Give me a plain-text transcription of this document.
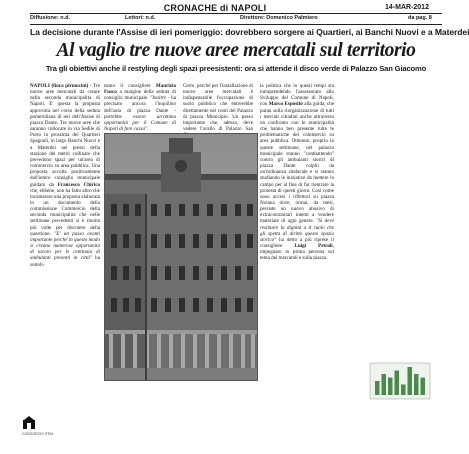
CRONACHE di NAPOLI	14-MAR-2012
Diffusione: n.d.	Lettori: n.d.	Direttore: Domenico Palmiero	da pag. 8
La decisione durante l'Assise di ieri pomeriggio: dovrebbero sorgere ai Quartieri, ai Banchi Nuovi e a Materdei
Al vaglio tre nuove aree mercatali sul territorio
Tra gli obiettivi anche il restyling degli spazi preesistenti: ora si attende il disco verde di Palazzo San Giacomo

NAPOLI (fiora pirmocini) - Tre nuove aree mercatali da creare nella seconda municipalità di Napoli. E' questa la proposta approvata nel corso della seduta pomeridiana di ieri dell'Assise di piazza Dante. Tre nuove aree che saranno collocate in via Sedile di Porto in prossima dei Quartieri Spagnoli, in largo Banchi Nuovi e a Materdei nei pressi della stazione del metrò collinare che prevedono spazi per un'area di commercio su area pubblica. Una proposta accolta positivamente dall'intero consiglio municipale guidato da Francesco Chirico che, ebbene, non ha fatto altro che incamerare una proposta elaborata in un documento della commissione Commercio della seconda municipalità che nelle settimane precedenti si è riunita più volte per discutere della questione. "E' un passo avanti importante perché in questo modo si creano numerose opportunità di lavoro per le centinaia di ambulanti presenti in città" ha sottoli-

neato il consigliere Maurizio Fusco a margine della seduta di consiglio municipale. "Inoltre - ha precisato ancora l'inquilino dell'aula di piazza Dante - potrebbe essere un'ottima opportunità per il Comune di Napoli di fare cassa".

Certo, perché per l'installazione di nuove aree mercatali è indispensabile l'occupazione di suolo pubblico che entrerebbe direttamente nei conti del Palazzo di piazza Municipio. Un passo importante che, adesso, deve vedere l'avallo di Palazzo San

la politica che in questi tempi sta intraprendendo l'assessorato allo Sviluppo del Comune di Napoli, con Marco Esposito alla guida, che punta sulla riorganizzazione di tutti i mercati cittadini anche attraverso un confronto con le municipalità che hanno ben presente tutte le problematiche del commercio su area pubblica. Ottenuto, proprio in queste settimane, nel palazzo municipale stanno "combattendo" contro gli ambulanti storici di piazza Dante colpiti da un'ordinanza sindacale e si stanno studiando le iniziative da mettere in campo per al fine di far rientrare la protesta di questi giorni. Così come sono accesi i riflettori su piazza Nolana dove, ormai, da mesi, persiste un nuovo abusivo di extracomunitari intenti a vendere materiale di ogni genere. "Si deve restituire la dignità a il ruolo che gli spetta di diritto questo spazio storico" ha detto a più riprese il consigliere Luigi Petrolì, impegnato in prima persona sul tema dei mercatali e sulla piazza.

CONSORZIO ITEM
